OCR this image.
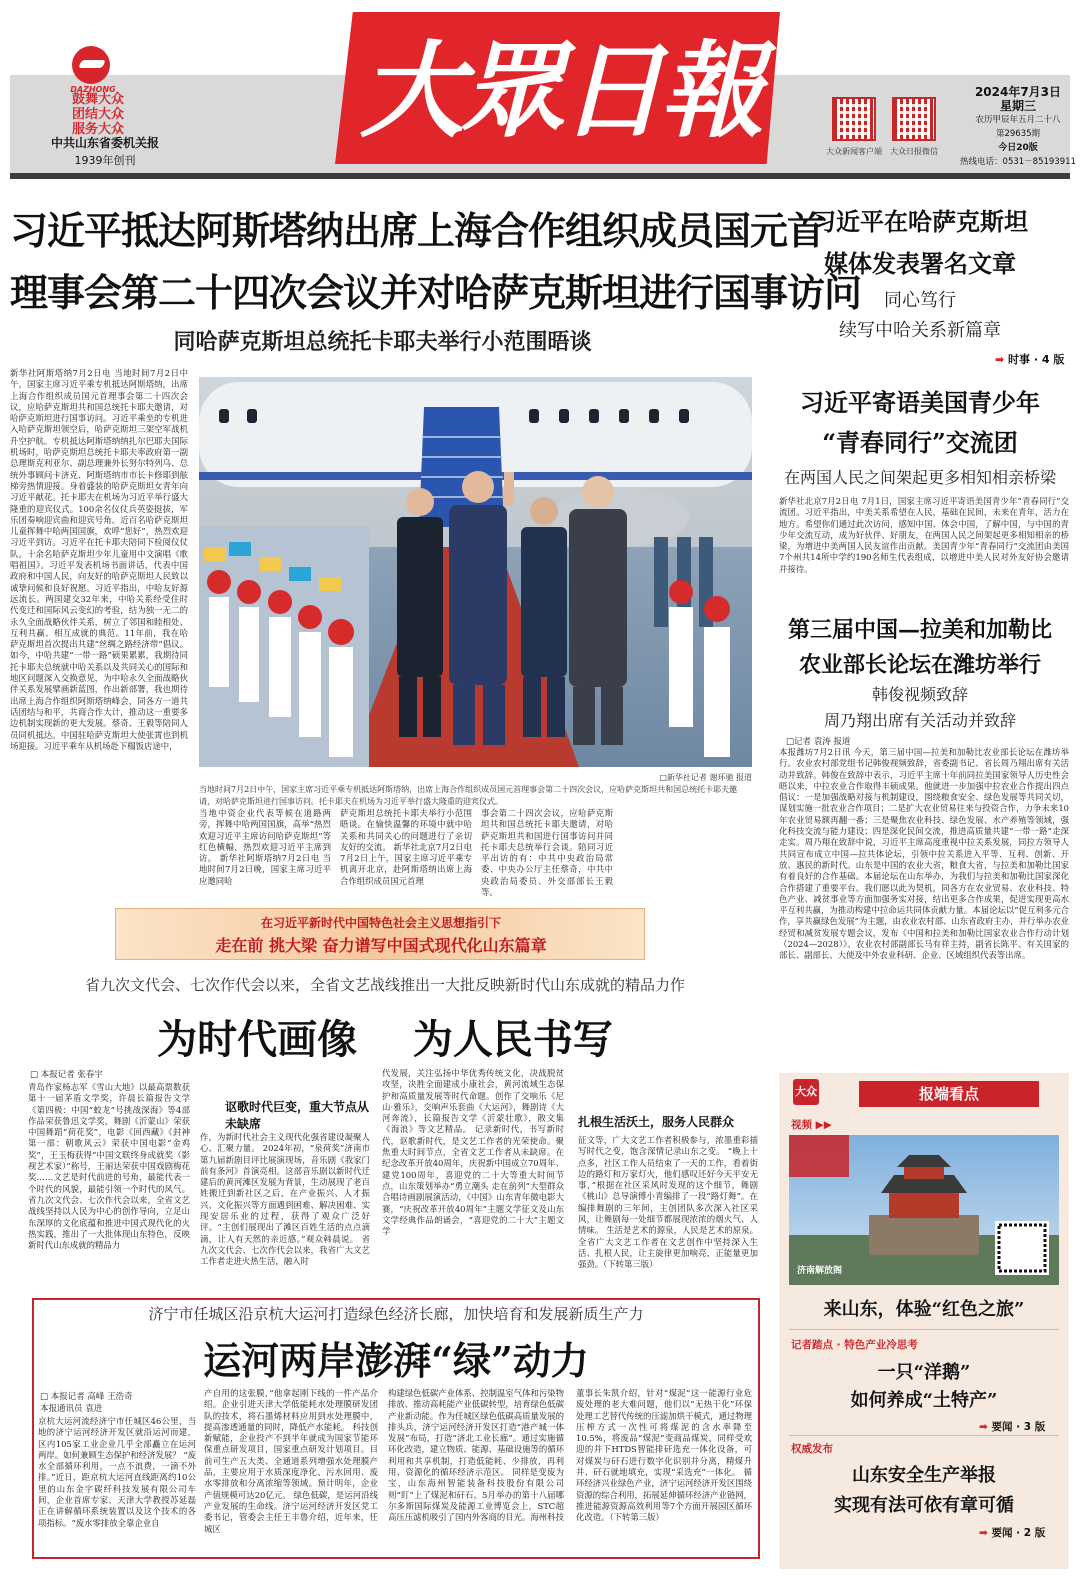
DAZHONG
鼓舞大众
团结大众
服务大众
中共山东省委机关报
1939年创刊
大眾日報	大众新闻客户端	大众日报微信
2024年7月3日
星期三
农历甲辰年五月二十八
第29635期
今日20版
热线电话：0531－85193911
习近平抵达阿斯塔纳出席上海合作组织成员国元首
理事会第二十四次会议并对哈萨克斯坦进行国事访问
同哈萨克斯坦总统托卡耶夫举行小范围晤谈
新华社阿斯塔纳7月2日电 当地时间7月2日中午，国家主席习近平乘专机抵达阿斯塔纳，出席上海合作组织成员国元首理事会第二十四次会议，应哈萨克斯坦共和国总统托卡耶夫邀请，对哈萨克斯坦进行国事访问。习近平乘坐的专机进入哈萨克斯坦领空后，哈萨克斯坦三架空军战机升空护航。专机抵达阿斯塔纳纳扎尔巴耶夫国际机场时，哈萨克斯坦总统托卡耶夫率政府第一副总理斯克利亚尔、副总理兼外长努尔特列乌、总统外事顾问卡济克、阿斯塔纳市市长卡修耶到舷梯旁热情迎接。身着盛装的哈萨克斯坦女青年向习近平献花。托卡耶夫在机场为习近平举行盛大隆重的迎宾仪式。100余名仪仗兵英姿挺拔，军乐团奏响迎宾曲和迎宾号角。近百名哈萨克斯坦儿童挥舞中哈两国国旗，欢呼“您好”，热烈欢迎习近平到访。习近平在托卡耶夫陪同下检阅仪仗队。十余名哈萨克斯坦少年儿童用中文演唱《歌唱祖国》。习近平发表机场书面讲话，代表中国政府和中国人民，向友好的哈萨克斯坦人民致以诚挚问候和良好祝愿。习近平指出，中哈友好源远流长。两国建交32年来，中哈关系经受住时代变迁和国际风云变幻的考验，结为独一无二的永久全面战略伙伴关系，树立了邻国和睦相处、互利共赢、相互成就的典范。11年前，我在哈萨克斯坦首次提出共建“丝绸之路经济带”倡议。如今，中哈共建“一带一路”硕果累累，我期待同托卡耶夫总统就中哈关系以及共同关心的国际和地区问题深入交换意见，为中哈永久全面战略伙伴关系发展擘画新蓝图，作出新部署，我也期待出席上海合作组织阿斯塔纳峰会，同各方一道共话团结与和平，共商合作大计，推动这一重要多边机制实现新的更大发展。蔡奇、王毅等陪同人员同机抵达。中国驻哈萨克斯坦大使张霄也到机场迎接。习近平乘车从机场赴下榻饭店途中，
□新华社记者 谢环驰 报道
当地时间7月2日中午，国家主席习近平乘专机抵达阿斯塔纳，出席上海合作组织成员国元首理事会第二十四次会议，应哈萨克斯坦共和国总统托卡耶夫邀请，对哈萨克斯坦进行国事访问。托卡耶夫在机场为习近平举行盛大隆重的迎宾仪式。
当地中资企业代表等候在道路两旁，挥舞中哈两国国旗，高举“热烈欢迎习近平主席访问哈萨克斯坦”等红色横幅，热烈欢迎习近平主席到访。 新华社阿斯塔纳7月2日电 当地时间7月2日晚，国家主席习近平应邀同哈
萨克斯坦总统托卡耶夫举行小范围晤谈。在愉快温馨的环境中就中哈关系和共同关心的问题进行了亲切友好的交流。 新华社北京7月2日电 7月2日上午，国家主席习近平乘专机离开北京，赴阿斯塔纳出席上海合作组织成员国元首理
事会第二十四次会议，应哈萨克斯坦共和国总统托卡耶夫邀请，对哈萨克斯坦共和国进行国事访问并同托卡耶夫总统举行会谈。陪同习近平出访的有：中共中央政治局常委、中央办公厅主任蔡奇，中共中央政治局委员、外交部部长王毅等。
习近平在哈萨克斯坦
媒体发表署名文章
同心笃行
续写中哈关系新篇章
➡ 时事 · 4 版
习近平寄语美国青少年
“青春同行”交流团
在两国人民之间架起更多相知相亲桥梁
新华社北京7月2日电 7月1日，国家主席习近平寄语美国青少年“青春同行”交流团。习近平指出，中美关系希望在人民，基础在民间，未来在青年，活力在地方。希望你们通过此次访问，感知中国、体会中国，了解中国，与中国的青少年交流互动，成为好伙伴、好朋友，在两国人民之间架起更多相知相亲的桥梁，为增进中美两国人民友谊作出贡献。美国青少年“青春同行”交流团由美国7个州共14所中学约190名师生代表组成，以增进中美人民对外友好协会邀请并接待。
第三届中国—拉美和加勒比
农业部长论坛在潍坊举行
韩俊视频致辞
周乃翔出席有关活动并致辞
□记者 袁涛 报道
本报潍坊7月2日讯 今天，第三届中国—拉美和加勒比农业部长论坛在潍坊举行。农业农村部党组书记韩俊视频致辞，省委副书记、省长周乃翔出席有关活动并致辞。韩俊在致辞中表示，习近平主席十年前同拉美国家领导人历史性会晤以来，中拉农业合作取得丰硕成果。他就进一步加强中拉农业合作提出四点倡议：一是加强战略对接与机制建设，围绕粮食安全、绿色发展等共同关切，谋划实施一批农业合作项目；二是扩大农业贸易往来与投资合作，力争未来10年农业贸易额再翻一番；三是聚焦农业科技、绿色发展、水产养殖等领域，强化科技交流与能力建设；四是深化民间交流，推进高质量共建“一带一路”走深走实。周乃翔在致辞中说，习近平主席高度重视中拉关系发展，同拉方领导人共同宣布成立中国—拉共体论坛，引领中拉关系进入平等、互利、创新、开放、惠民的新时代。山东是中国的农业大省，粮食大省，与拉美和加勒比国家有着良好的合作基础。本届论坛在山东举办，为我们与拉美和加勒比国家深化合作搭建了重要平台。我们愿以此为契机，同各方在农业贸易、农业科技、特色产业、减贫事业等方面加强务实对接，结出更多合作成果，促进实现更高水平互利共赢，为推动构建中拉命运共同体贡献力量。本届论坛以“促互利多元合作，享共赢绿色发展”为主题，由农业农村部、山东省政府主办，并行举办农业经贸和减贫发展专题会议，发布《中国和拉美和加勒比国家农业合作行动计划（2024—2028）》。农业农村部副部长马有祥主持，副省长陈平、有关国家的部长、副部长、大使及中外农业科研、企业、区域组织代表等出席。
在习近平新时代中国特色社会主义思想指引下
走在前 挑大梁 奋力谱写中国式现代化山东篇章
省九次文代会、七次作代会以来，全省文艺战线推出一大批反映新时代山东成就的精品力作
为时代画像    为人民书写
□ 本报记者 张春宇
青岛作家杨志军《雪山大地》以最高票数获第十一届茅盾文学奖，许晨长篇报告文学《第四极：中国“蛟龙”号挑战深海》等4部作品荣获鲁迅文学奖，舞剧《沂蒙山》荣获中国舞蹈“荷花奖”，电影《回西藏》《封神第一部：朝歌风云》荣获中国电影“金鸡奖”，王玉梅获得“中国文联终身成就奖（影视艺术家）”称号，王丽达荣获中国戏剧梅花奖……文艺是时代前进的号角，最能代表一个时代的风貌，最能引领一个时代的风气。省九次文代会、七次作代会以来，全省文艺战线坚持以人民为中心的创作导向，立足山东深厚的文化底蕴和推进中国式现代化的火热实践，推出了一大批体现山东特色，反映新时代山东成就的精品力
讴歌时代巨变，重大节点从未缺席
作，为新时代社会主义现代化强省建设凝聚人心、汇聚力量。 2024年初，“泉荷奖”济南市第九届新剧目评比展演现场，音乐剧《我家门前有条河》首演亮相。这部音乐剧以新时代迁建后的黄河滩区发展为背景，生动展现了老百姓搬迁到新社区之后，在产业振兴、人才振兴、文化振兴等方面遇到困难、解决困难、实现安居乐业的过程，获得了观众广泛好评。“主创们展现出了滩区百姓生活的点点滴滴，让人有天然的亲近感。”观众韩晨说。 省九次文代会、七次作代会以来，我省广大文艺工作者走进火热生活，融入时
代发展，关注弘扬中华优秀传统文化，决战脱贫攻坚，决胜全面建成小康社会，黄河流域生态保护和高质量发展等时代命题。创作了交响乐《尼山·雅乐》，交响声乐套曲《大运河》，舞剧诗《大河奔流》，长篇报告文学《沂蒙壮歌》，散文集《海浪》等文艺精品。 记录新时代，书写新时代，讴歌新时代，是文艺工作者的光荣使命。聚焦重大时间节点，全省文艺工作者从未缺席。在纪念改革开放40周年，庆祝新中国成立70周年、建党100周年，喜迎党的二十大等重大时间节点，山东策划举办“勇立潮头 走在前列”大型群众合唱诗画剧展演活动，《中国》山东青年微电影大赛，“庆祝改革开放40周年”主题文学征文及山东文学经典作品朗诵会，“喜迎党的二十大”主题文学
扎根生活沃土，服务人民群众
征文等，广大文艺工作者积极参与，浓墨重彩描写时代之变，饱含深情记录山东之变。 “晚上十点多，社区工作人员结束了一天的工作，看着街边的路灯和万家灯火，他们感叹还好今天平安无事，”根据在社区采风时发现的这个细节，舞剧《桃山》总导演傅小青编排了一段“路灯舞”。在编排舞剧的三年间，主创团队多次深入社区采风，让舞剧每一处细节都展现浓浓的烟火气、人情味。 生活是艺术的源泉，人民是艺术的原泉。全省广大文艺工作者在文艺创作中坚持深入生活、扎根人民，让主旋律更加响亮，正能量更加强劲。（下转第三版）
济宁市任城区沿京杭大运河打造绿色经济长廊，加快培育和发展新质生产力
运河两岸澎湃“绿”动力
□ 本报记者 高峰 王浩奇
本报通讯员 袁进
京杭大运河流经济宁市任城区46公里，当地的济宁运河经济开发区就沿运河而建，区内105家工业企业几乎全部矗立在运河两岸。如何兼顾生态保护和经济发展？ “废水全部循环利用，一点不浪费，一滴不外排。”近日，距京杭大运河直线距离约10公里的山东金宇碳纤科技发展有限公司车间，企业首席专家、天津大学教授苏延磊正在讲解循环系统装置以及这个技术的各项指标。“废水零排放全靠企业自
产自用的这张膜，”他拿起刚下线的一件产品介绍。企业引进天津大学低能耗水处理膜研发团队的技术，将石墨烯材料应用到水处理膜中，提高渗透通量的同时，降低产水能耗。 科技创新赋能，企业投产不到半年就成为国家节能环保重点研发项目，国家重点研发计划项目。目前可生产五大类、全通道系列增强水处理膜产品，主要应用于水质深度净化、污水回用、废水零排放和分离浓缩等领域。预计明年，企业产值规模可达20亿元。 绿色低碳，是运河沿线产业发展的生命线。济宁运河经济开发区党工委书记，管委会主任王丰鲁介绍，近年来，任城区
构建绿色低碳产业体系、控制温室气体和污染物排放、推动高耗能产业低碳转型，培育绿色低碳产业新动能。作为任城区绿色低碳高质量发展的排头兵，济宁运河经济开发区打造“港产城一体发展”布局，打造“济北工业长廊”。通过实施循环化改造，建立物质、能源、基础设施等的循环利用和共享机制，打造低能耗、少排放，再利用、资源化的循环经济示范区。 同样是变废为宝，山东海州智能装备科技股份有限公司则“盯”上了煤泥和矸石。5月举办的第十八届哪尔多斯国际煤炭及能源工业博览会上，STC超高压压滤机吸引了国内外客商的目光。海州科技
董事长朱凯介绍，针对“煤泥”这一能源行业危废处理的老大难问题，他们以“无热干化”环保处理工艺替代传统的压滤加烘干模式，通过物理压榨方式一次性可将煤泥的含水率降至10.5%，将废品“煤泥”变商品煤炭，同样受欢迎的并下HTDS智能排矸选充一体化设备，可对煤炭与矸石进行数字化识别并分离，精煤升井、矸石就地填充，实现“采选充”一体化。 循环经济兴业绿色产业，济宁运河经济开发区围绕资源的综合利用，拓展延伸循环经济产业链网，推进能源资源高效利用等7个方面开展园区循环化改造。（下转第三版）
大众	报端看点
视频 ▶▶
济南解放阁
来山东，体验“红色之旅”
记者踏点 · 特色产业冷思考
一只“洋鹅”
如何养成“土特产”
➡ 要闻 · 3 版
权威发布
山东安全生产举报
实现有法可依有章可循
➡ 要闻 · 2 版
